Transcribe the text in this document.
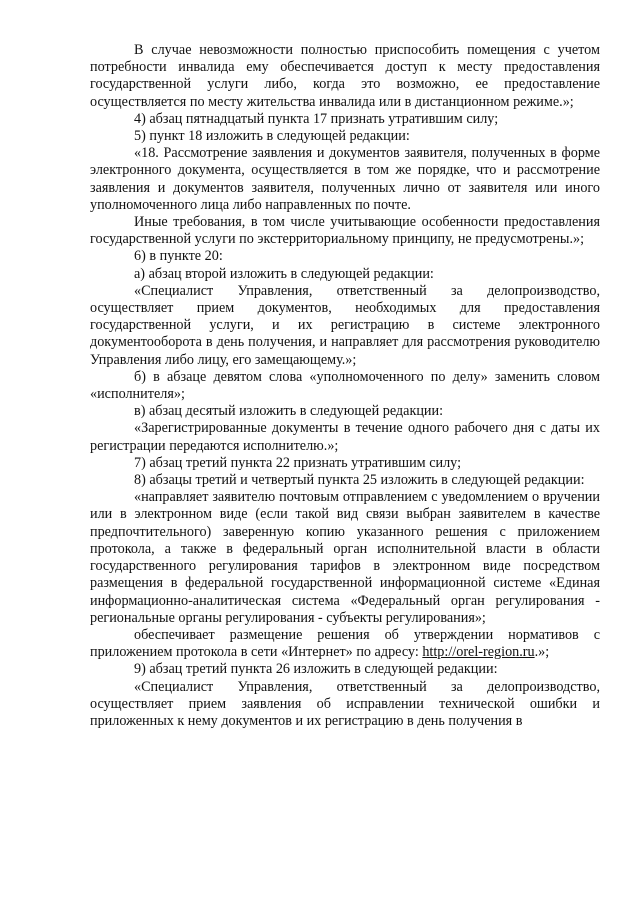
В случае невозможности полностью приспособить помещения с учетом потребности инвалида ему обеспечивается доступ к месту предоставления государственной услуги либо, когда это возможно, ее предоставление осуществляется по месту жительства инвалида или в дистанционном режиме.»;

4) абзац пятнадцатый пункта 17 признать утратившим силу;

5) пункт 18 изложить в следующей редакции:

«18. Рассмотрение заявления и документов заявителя, полученных в форме электронного документа, осуществляется в том же порядке, что и рассмотрение заявления и документов заявителя, полученных лично от заявителя или иного уполномоченного лица либо направленных по почте.

Иные требования, в том числе учитывающие особенности предоставления государственной услуги по экстерриториальному принципу, не предусмотрены.»;

6) в пункте 20:

а) абзац второй изложить в следующей редакции:

«Специалист Управления, ответственный за делопроизводство, осуществляет прием документов, необходимых для предоставления государственной услуги, и их регистрацию в системе электронного документооборота в день получения, и направляет для рассмотрения руководителю Управления либо лицу, его замещающему.»;

б) в абзаце девятом слова «уполномоченного по делу» заменить словом «исполнителя»;

в) абзац десятый изложить в следующей редакции:

«Зарегистрированные документы в течение одного рабочего дня с даты их регистрации передаются исполнителю.»;

7) абзац третий пункта 22 признать утратившим силу;

8) абзацы третий и четвертый пункта 25 изложить в следующей редакции:

«направляет заявителю почтовым отправлением с уведомлением о вручении или в электронном виде (если такой вид связи выбран заявителем в качестве предпочтительного) заверенную копию указанного решения с приложением протокола, а также в федеральный орган исполнительной власти в области государственного регулирования тарифов в электронном виде посредством размещения в федеральной государственной информационной системе «Единая информационно-аналитическая система «Федеральный орган регулирования - региональные органы регулирования - субъекты регулирования»;

обеспечивает размещение решения об утверждении нормативов с приложением протокола в сети «Интернет» по адресу: http://orel-region.ru.»;

9) абзац третий пункта 26 изложить в следующей редакции:

«Специалист Управления, ответственный за делопроизводство, осуществляет прием заявления об исправлении технической ошибки и приложенных к нему документов и их регистрацию в день получения в
